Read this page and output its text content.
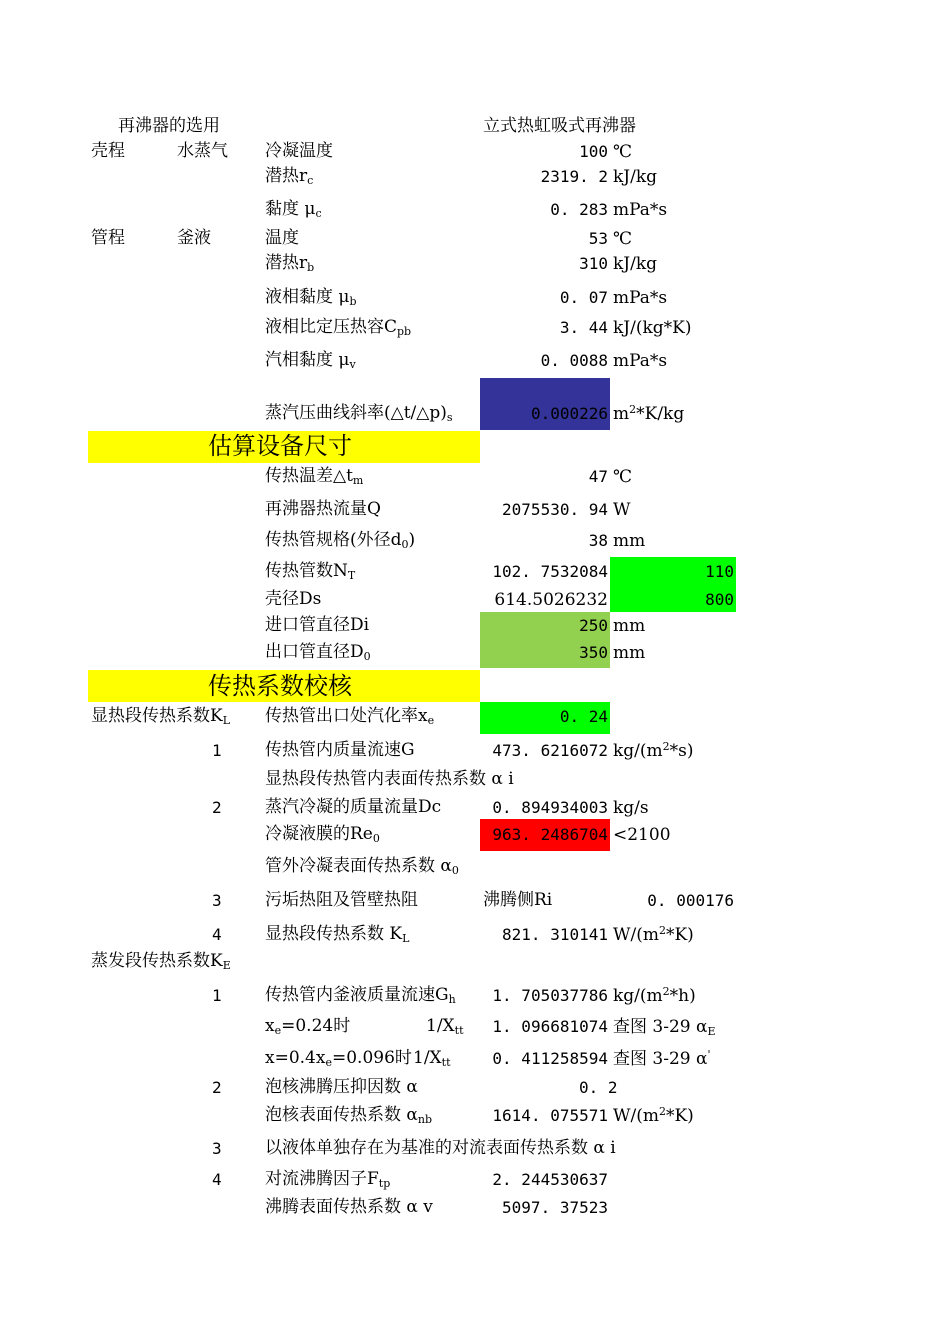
再沸器的选用	立式热虹吸式再沸器
壳程	水蒸气 冷凝温度	100 ℃
潜热$r_c$	2319. 2 kJ/kg
黏度 $\mu_c$	0. 283 mPa*s
管程	釜液	温度	53 ℃
潜热$r_b$	310 kJ/kg
液相黏度 $\mu_b$	0. 07 mPa*s
液相比定压热容$C_{pb}$	3. 44 kJ/(kg*K)
汽相黏度 $\mu_v$	0. 0088 mPa*s
蒸汽压曲线斜率$(\triangle t/\triangle p)_s$	0.000226 $m^2*K/kg$
估算设备尺寸
传热温差$\triangle t_m$	47 ℃
再沸器热流量Q	2075530. 94 W
传热管规格(外径$d_0$)	38 mm
传热管数$N_T$	102. 7532084	110
壳径Ds	614.5026232	800
进口管直径Di	250 mm
出口管直径$D_0$	350 mm
传热系数校核
显热段传热系数$K_L$ 传热管出口处汽化率$x_e$	0. 24
1	传热管内质量流速G	473. 6216072 $kg/(m^2*s)$
显热段传热管内表面传热系数 α i
2	蒸汽冷凝的质量流量Dc	0. 894934003 kg/s
冷凝液膜的$Re_0$	963. 2486704 <2100
管外冷凝表面传热系数 $\alpha_0$
3	污垢热阻及管壁热阻	沸腾侧Ri	0. 000176
4	显热段传热系数 $K_L$	821. 310141 $W/(m^2*K)$
蒸发段传热系数$K_E$
1	传热管内釜液质量流速$G_h$	1. 705037786 $kg/(m^2*h)$
$x_e=0.24$时	$1/X_{tt}$	1. 096681074 查图 3-29 $\alpha_E$
$x=0.4x_e=0.096$时 $1/X_{tt}$	0. 411258594 查图 3-29 α'
2	泡核沸腾压抑因数 α	0. 2
泡核表面传热系数 $\alpha_{nb}$	1614. 075571 $W/(m^2*K)$
3	以液体单独存在为基准的对流表面传热系数 α i
4	对流沸腾因子$F_{tp}$	2. 244530637
沸腾表面传热系数 α v	5097. 37523
